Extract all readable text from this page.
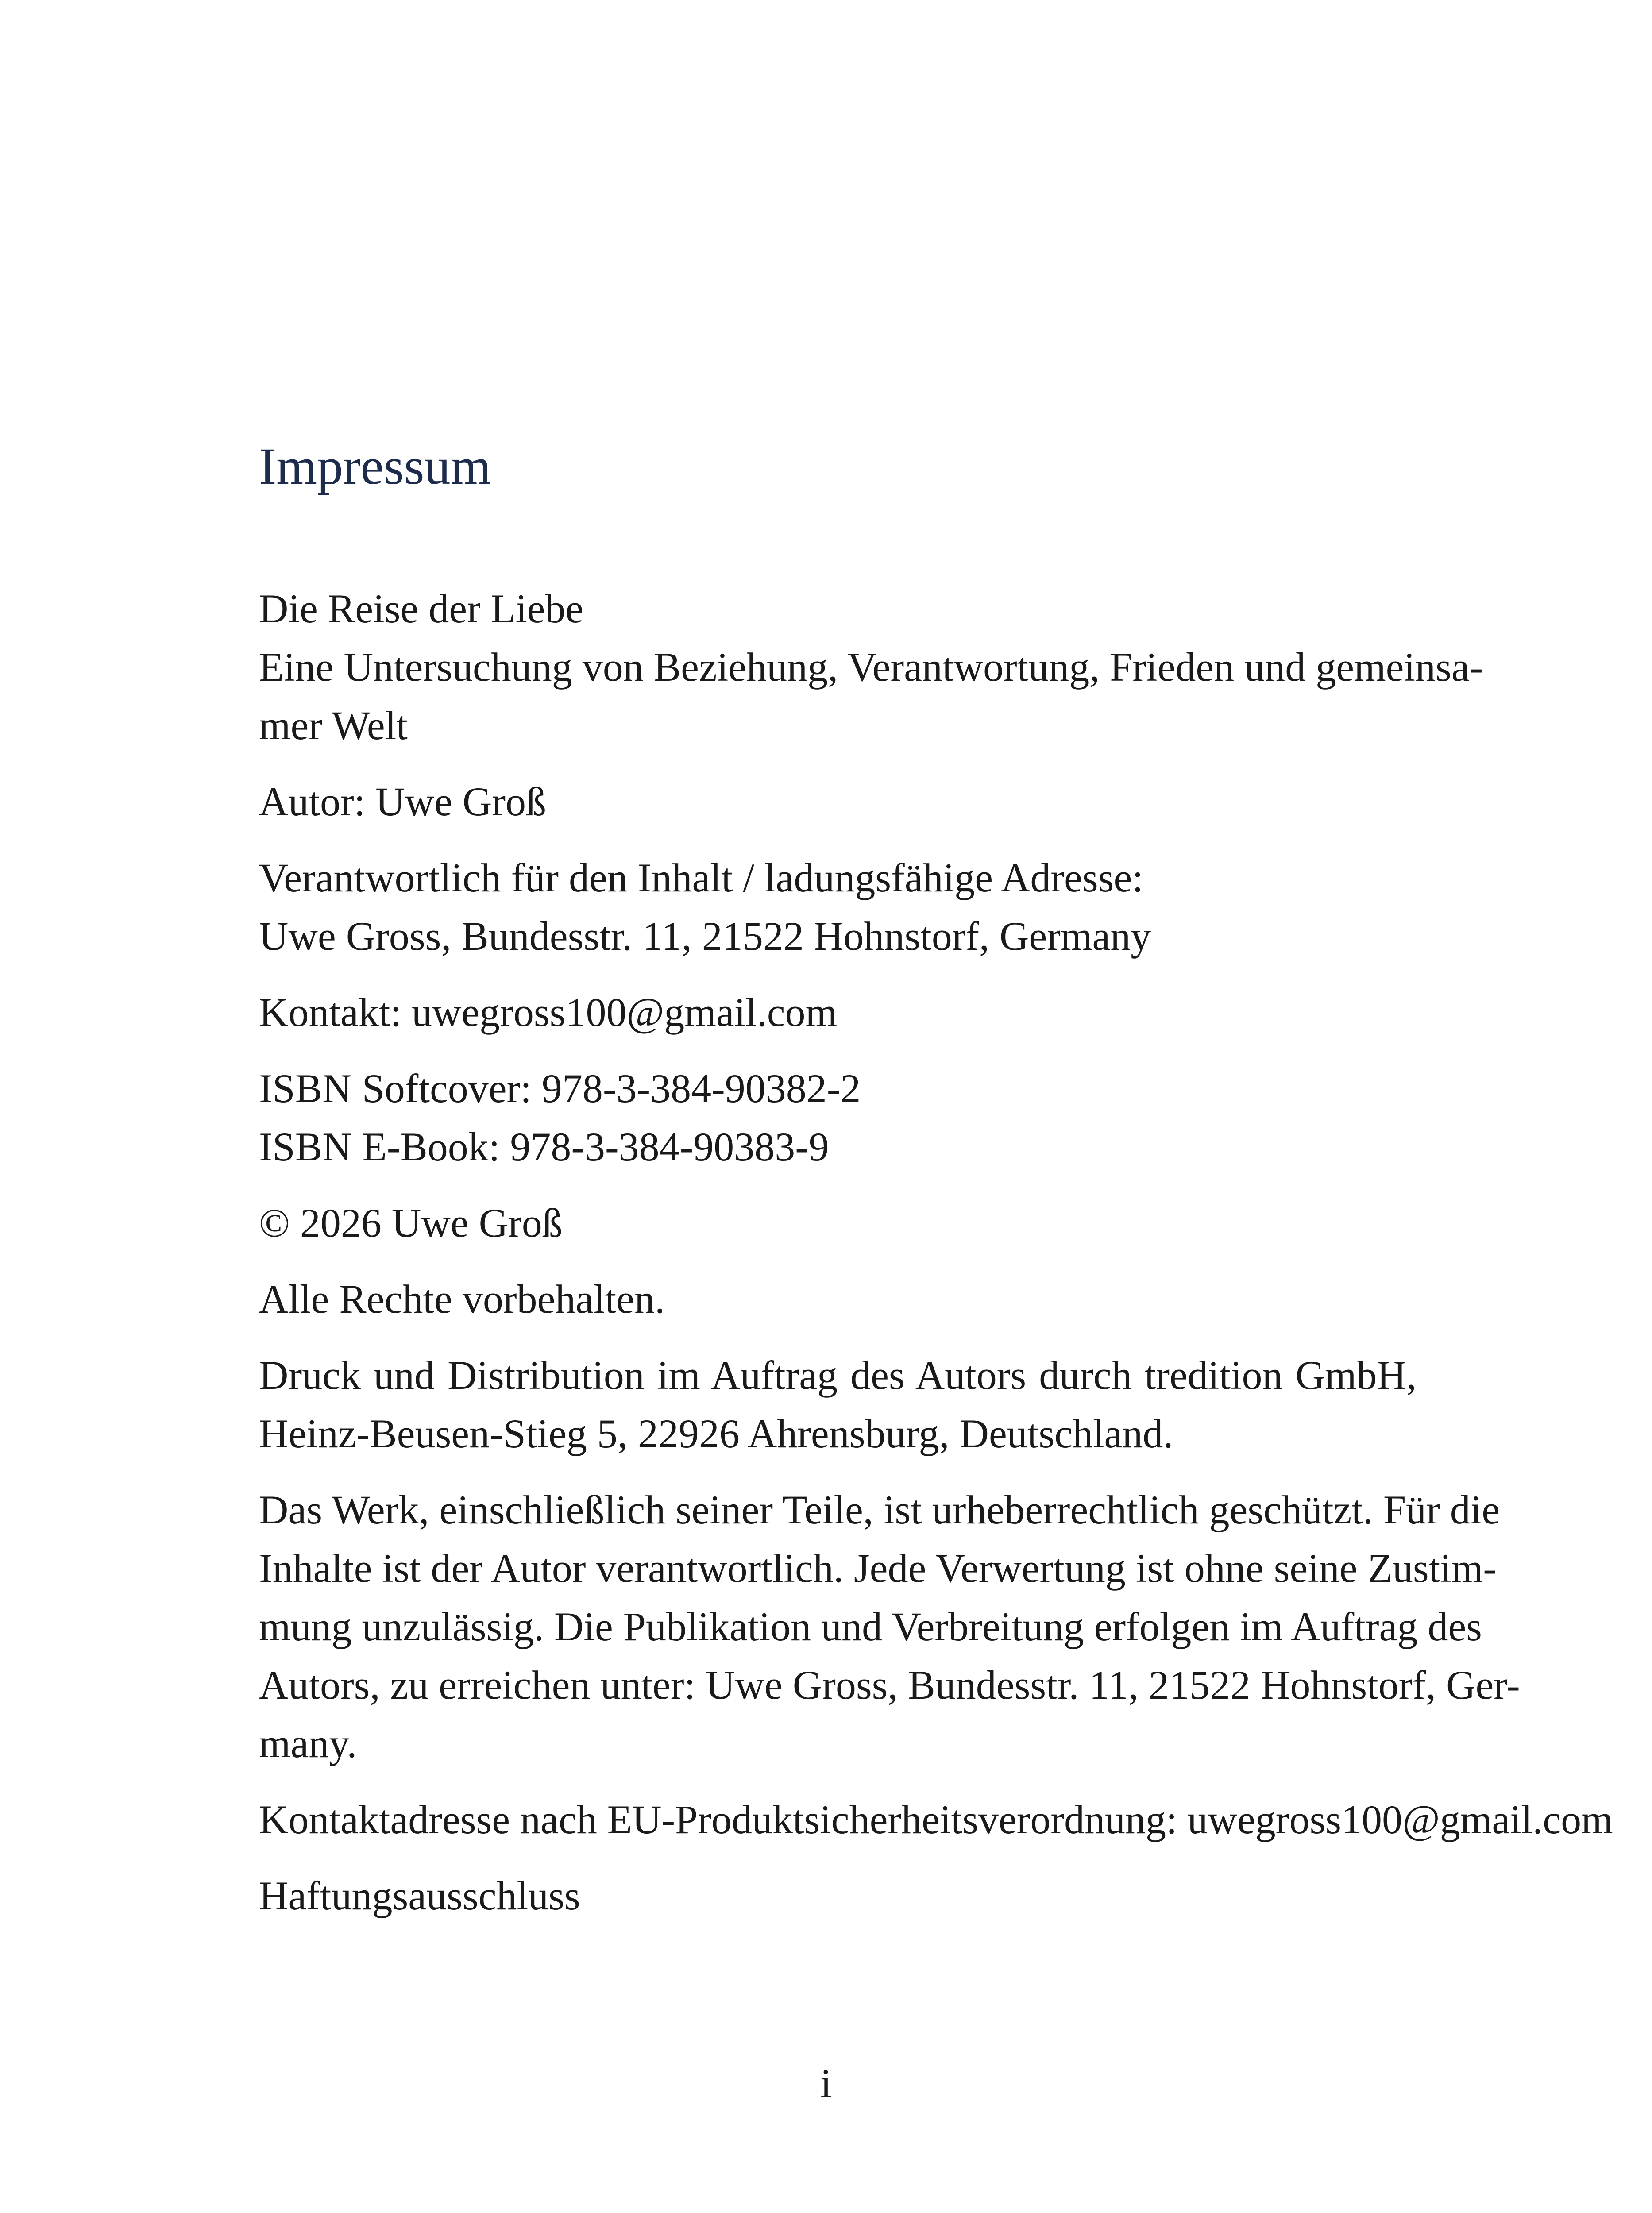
Impressum

Die Reise der Liebe
Eine Untersuchung von Beziehung, Verantwortung, Frieden und gemeinsa-
mer Welt

Autor: Uwe Groß

Verantwortlich für den Inhalt / ladungsfähige Adresse:
Uwe Gross, Bundesstr. 11, 21522 Hohnstorf, Germany

Kontakt: uwegross100@gmail.com

ISBN Softcover: 978-3-384-90382-2
ISBN E-Book: 978-3-384-90383-9

© 2026 Uwe Groß

Alle Rechte vorbehalten.

Druck und Distribution im Auftrag des Autors durch tredition GmbH,
Heinz-Beusen-Stieg 5, 22926 Ahrensburg, Deutschland.

Das Werk, einschließlich seiner Teile, ist urheberrechtlich geschützt. Für die
Inhalte ist der Autor verantwortlich. Jede Verwertung ist ohne seine Zustim-
mung unzulässig. Die Publikation und Verbreitung erfolgen im Auftrag des
Autors, zu erreichen unter: Uwe Gross, Bundesstr. 11, 21522 Hohnstorf, Ger-
many.

Kontaktadresse nach EU-Produktsicherheitsverordnung: uwegross100@gmail.com

Haftungsausschluss

i
